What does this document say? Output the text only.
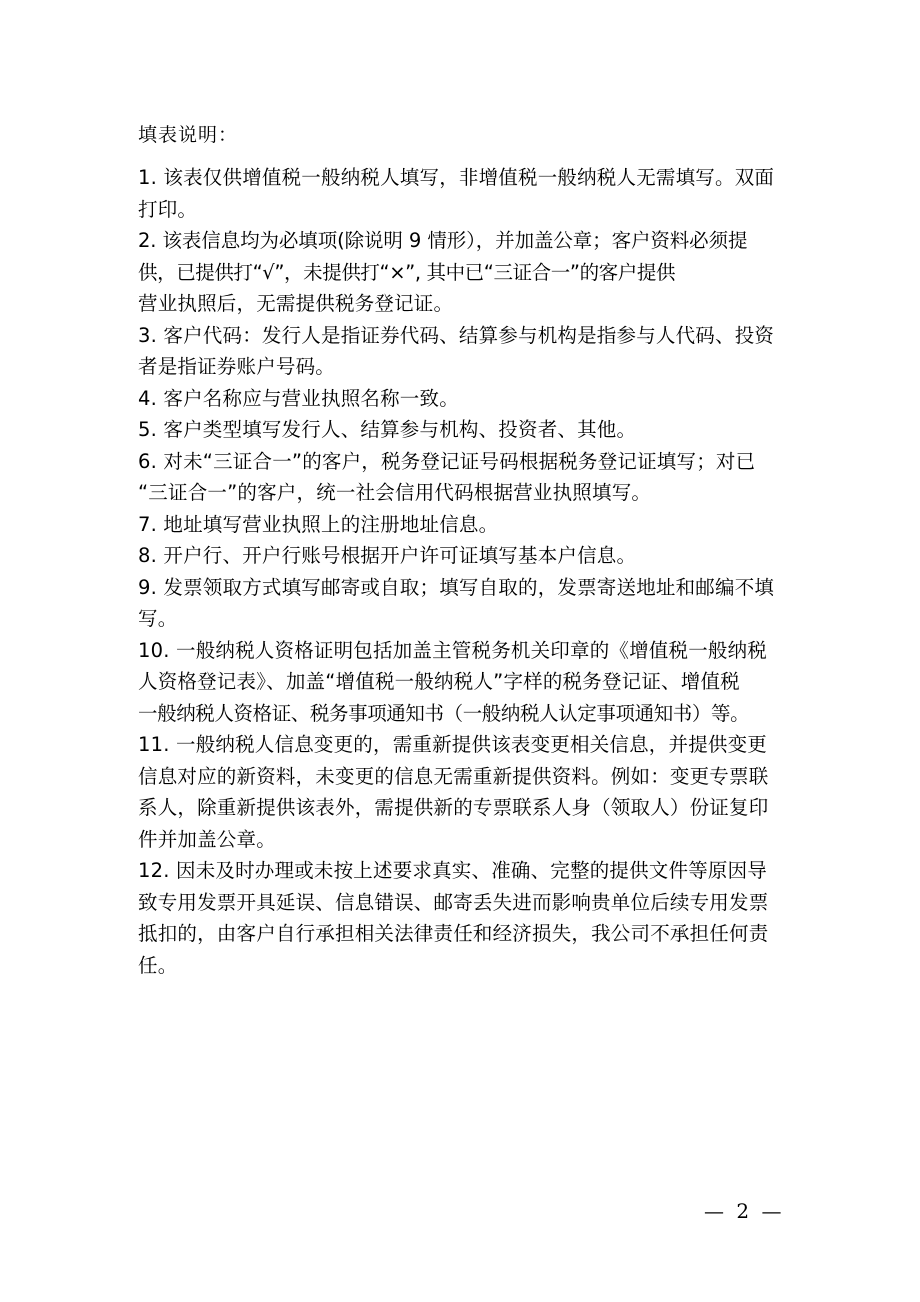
填表说明：
1. 该表仅供增值税一般纳税人填写，非增值税一般纳税人无需填写。双面
打印。
2. 该表信息均为必填项(除说明 9 情形），并加盖公章；客户资料必须提
供，已提供打“√”，未提供打“×”, 其中已“三证合一”的客户提供
营业执照后，无需提供税务登记证。
3. 客户代码：发行人是指证券代码、结算参与机构是指参与人代码、投资
者是指证券账户号码。
4. 客户名称应与营业执照名称一致。
5. 客户类型填写发行人、结算参与机构、投资者、其他。
6. 对未“三证合一”的客户，税务登记证号码根据税务登记证填写；对已
“三证合一”的客户，统一社会信用代码根据营业执照填写。
7. 地址填写营业执照上的注册地址信息。
8. 开户行、开户行账号根据开户许可证填写基本户信息。
9. 发票领取方式填写邮寄或自取；填写自取的，发票寄送地址和邮编不填
写。
10. 一般纳税人资格证明包括加盖主管税务机关印章的《增值税一般纳税
人资格登记表》、加盖“增值税一般纳税人”字样的税务登记证、增值税
一般纳税人资格证、税务事项通知书（一般纳税人认定事项通知书）等。
11. 一般纳税人信息变更的，需重新提供该表变更相关信息，并提供变更
信息对应的新资料，未变更的信息无需重新提供资料。例如：变更专票联
系人，除重新提供该表外，需提供新的专票联系人身（领取人）份证复印
件并加盖公章。
12. 因未及时办理或未按上述要求真实、准确、完整的提供文件等原因导
致专用发票开具延误、信息错误、邮寄丢失进而影响贵单位后续专用发票
抵扣的，由客户自行承担相关法律责任和经济损失，我公司不承担任何责
任。
— 2 —
